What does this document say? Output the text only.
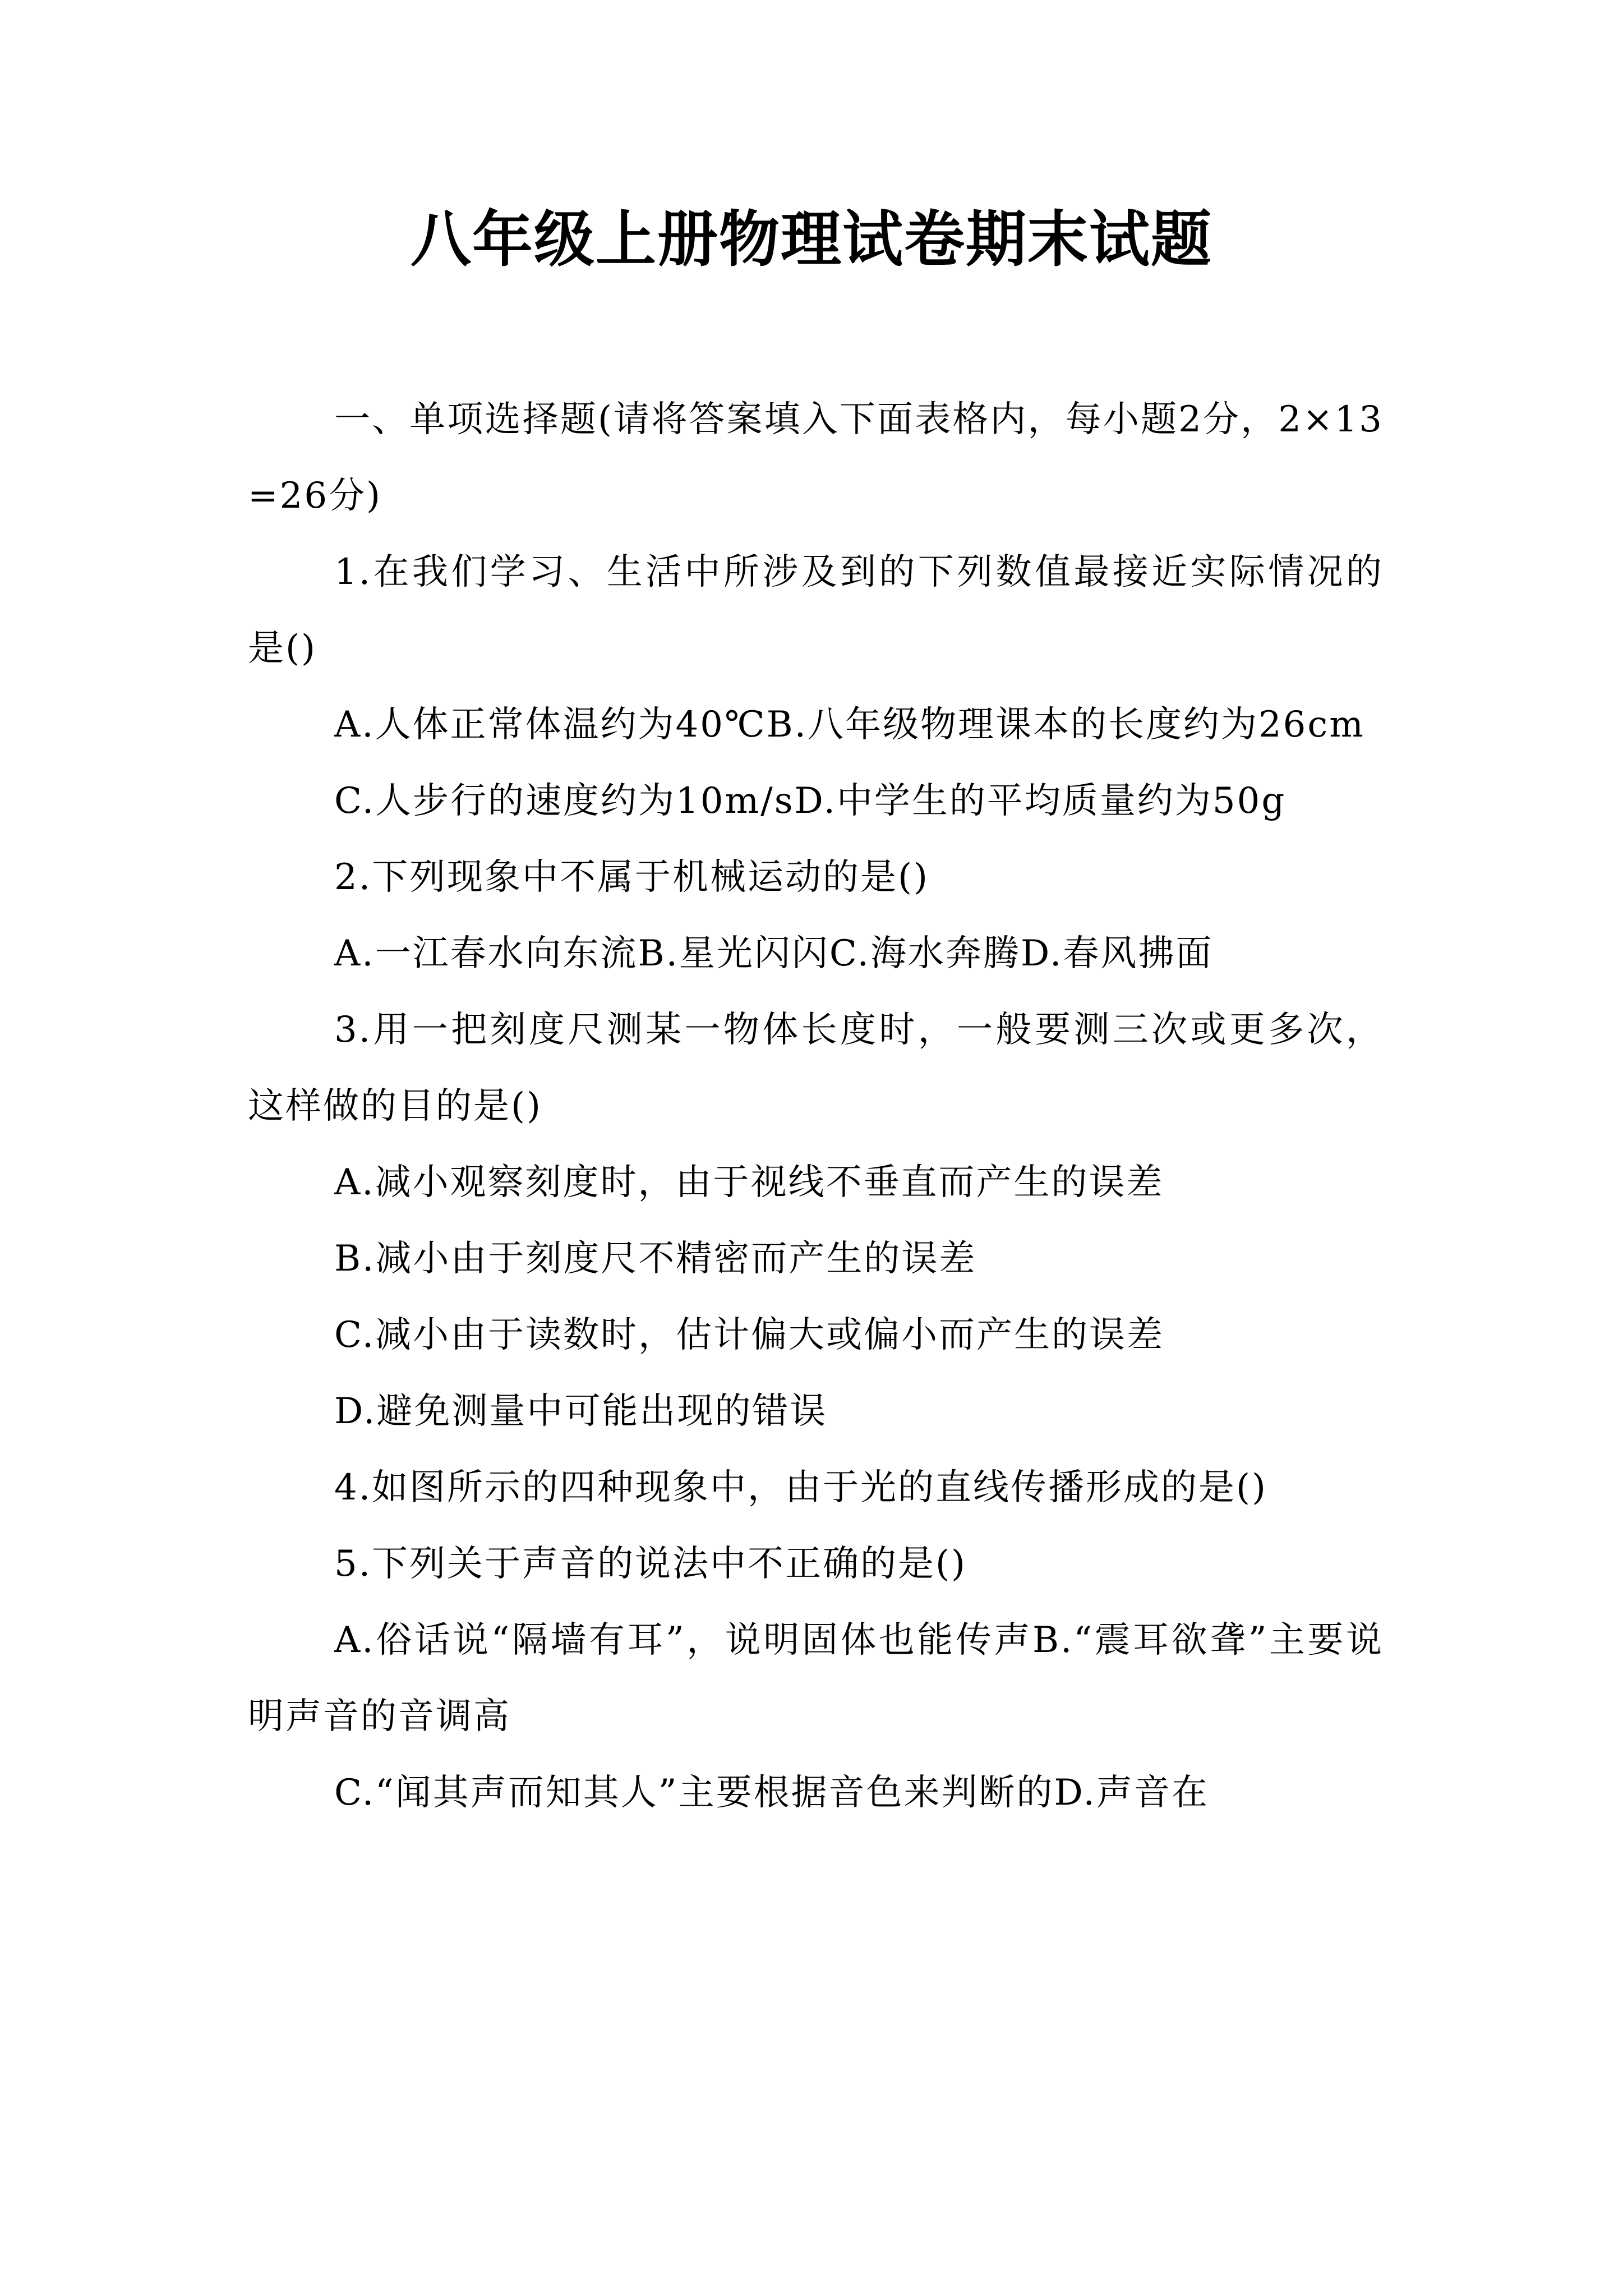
八年级上册物理试卷期末试题

一、单项选择题(请将答案填入下面表格内，每小题2分，2×13=26分)

1.在我们学习、生活中所涉及到的下列数值最接近实际情况的是()

A.人体正常体温约为40℃B.八年级物理课本的长度约为26cm

C.人步行的速度约为10m/sD.中学生的平均质量约为50g

2.下列现象中不属于机械运动的是()

A.一江春水向东流B.星光闪闪C.海水奔腾D.春风拂面

3.用一把刻度尺测某一物体长度时，一般要测三次或更多次，这样做的目的是()

A.减小观察刻度时，由于视线不垂直而产生的误差

B.减小由于刻度尺不精密而产生的误差

C.减小由于读数时，估计偏大或偏小而产生的误差

D.避免测量中可能出现的错误

4.如图所示的四种现象中，由于光的直线传播形成的是()

5.下列关于声音的说法中不正确的是()

A.俗话说“隔墙有耳”，说明固体也能传声B.“震耳欲聋”主要说明声音的音调高

C.“闻其声而知其人”主要根据音色来判断的D.声音在
